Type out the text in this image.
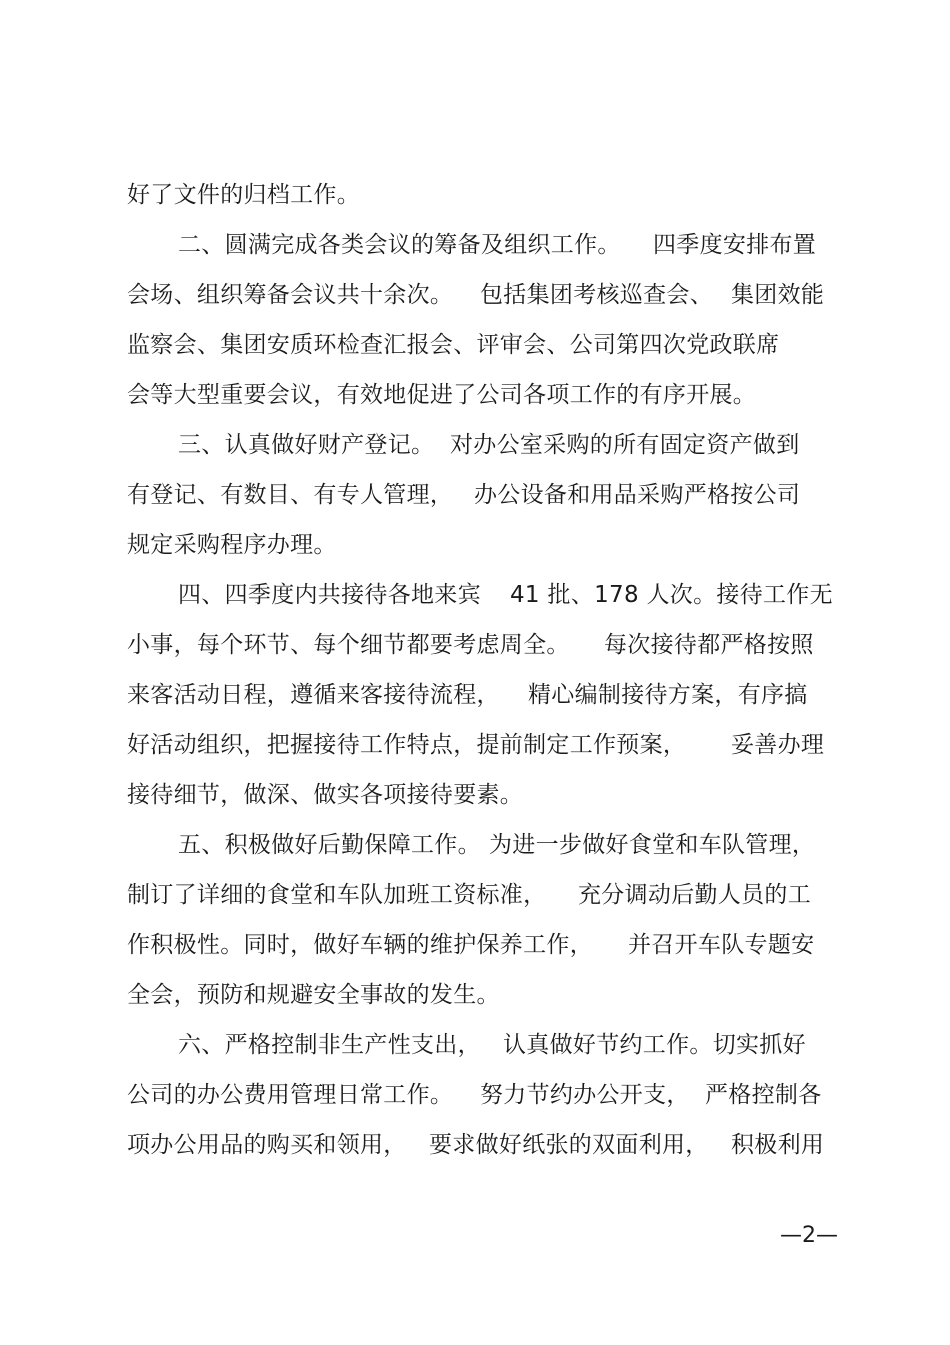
好了文件的归档工作。

二、圆满完成各类会议的筹备及组织工作。

四季度安排布置

会场、组织筹备会议共十余次。

包括集团考核巡查会、

集团效能

监察会、集团安质环检查汇报会、评审会、公司第四次党政联席

会等大型重要会议，有效地促进了公司各项工作的有序开展。

三、认真做好财产登记。

对办公室采购的所有固定资产做到

有登记、有数目、有专人管理，

办公设备和用品采购严格按公司

规定采购程序办理。

四、四季度内共接待各地来宾

41 批、178 人次。接待工作无

小事，每个环节、每个细节都要考虑周全。

每次接待都严格按照

来客活动日程，遵循来客接待流程，

精心编制接待方案，有序搞

好活动组织，把握接待工作特点，提前制定工作预案，

妥善办理

接待细节，做深、做实各项接待要素。

五、积极做好后勤保障工作。

为进一步做好食堂和车队管理，

制订了详细的食堂和车队加班工资标准，

充分调动后勤人员的工

作积极性。同时，做好车辆的维护保养工作，

并召开车队专题安

全会，预防和规避安全事故的发生。

六、严格控制非生产性支出，

认真做好节约工作。切实抓好

公司的办公费用管理日常工作。

努力节约办公开支，

严格控制各

项办公用品的购买和领用，

要求做好纸张的双面利用，

积极利用

—2—
